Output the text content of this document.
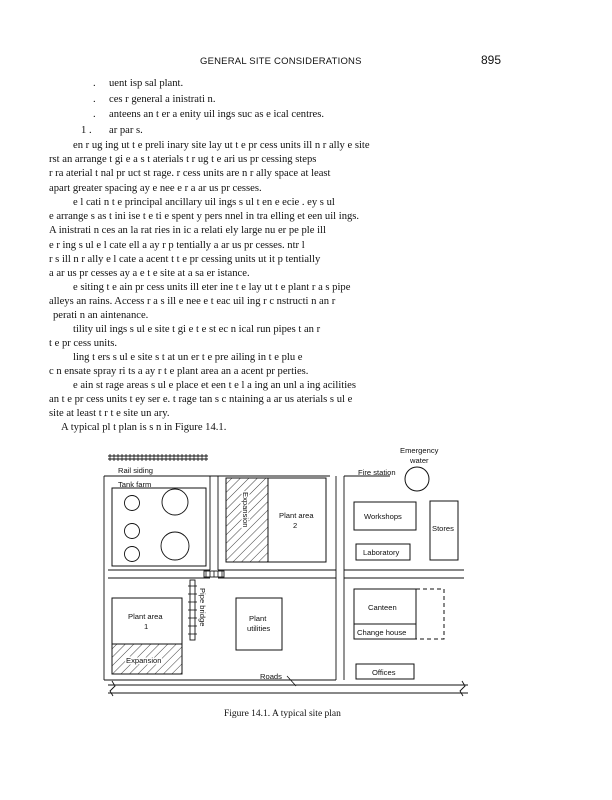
GENERAL SITE CONSIDERATIONS	895
. uent isp sal plant.
. ces r general a inistrati n.
. anteens an t er a enity uil ings suc as e ical centres.
1 . ar par s.
en r ug ing ut t e preli inary site lay ut t e pr cess units ill n r ally e site
rst an arrange t gi e a s t aterials t r ug t e ari us pr cessing steps
r ra aterial t nal pr uct st rage. r cess units are n r ally space at least
apart greater spacing ay e nee e r a ar us pr cesses.
e l cati n t e principal ancillary uil ings s ul t en e ecie . ey s ul
e arrange s as t ini ise t e ti e spent y pers nnel in tra elling et een uil ings.
A inistrati n ces an la rat ries in ic a relati ely large nu er pe ple ill
e r ing s ul e l cate ell a ay r p tentially a ar us pr cesses. ntr l
r s ill n r ally e l cate a acent t t e pr cessing units ut it p tentially
a ar us pr cesses ay a e t e site at a sa er istance.
e siting t e ain pr cess units ill eter ine t e lay ut t e plant r a s pipe
alleys an rains. Access r a s ill e nee e t eac uil ing r c nstructi n an r
perati n an aintenance.
tility uil ings s ul e site t gi e t e st ec n ical run pipes t an r
t e pr cess units.
ling t ers s ul e site s t at un er t e pre ailing in t e plu e
c n ensate spray ri ts a ay r t e plant area an a acent pr perties.
e ain st rage areas s ul e place et een t e l a ing an unl a ing acilities
an t e pr cess units t ey ser e. t rage tan s c ntaining a ar us aterials s ul e
site at least t r t e site un ary.
A typical pl t plan is s n in Figure 14.1.
Rail siding
Tank farm
Expansion	Plant area
2
Fire station
Emergency
water
Workshops
Stores
Laboratory
Pipe bridge
Plant area
1
Expansion
Plant
utilities
Canteen
Change house
Offices
Roads
Figure 14.1. A typical site plan
